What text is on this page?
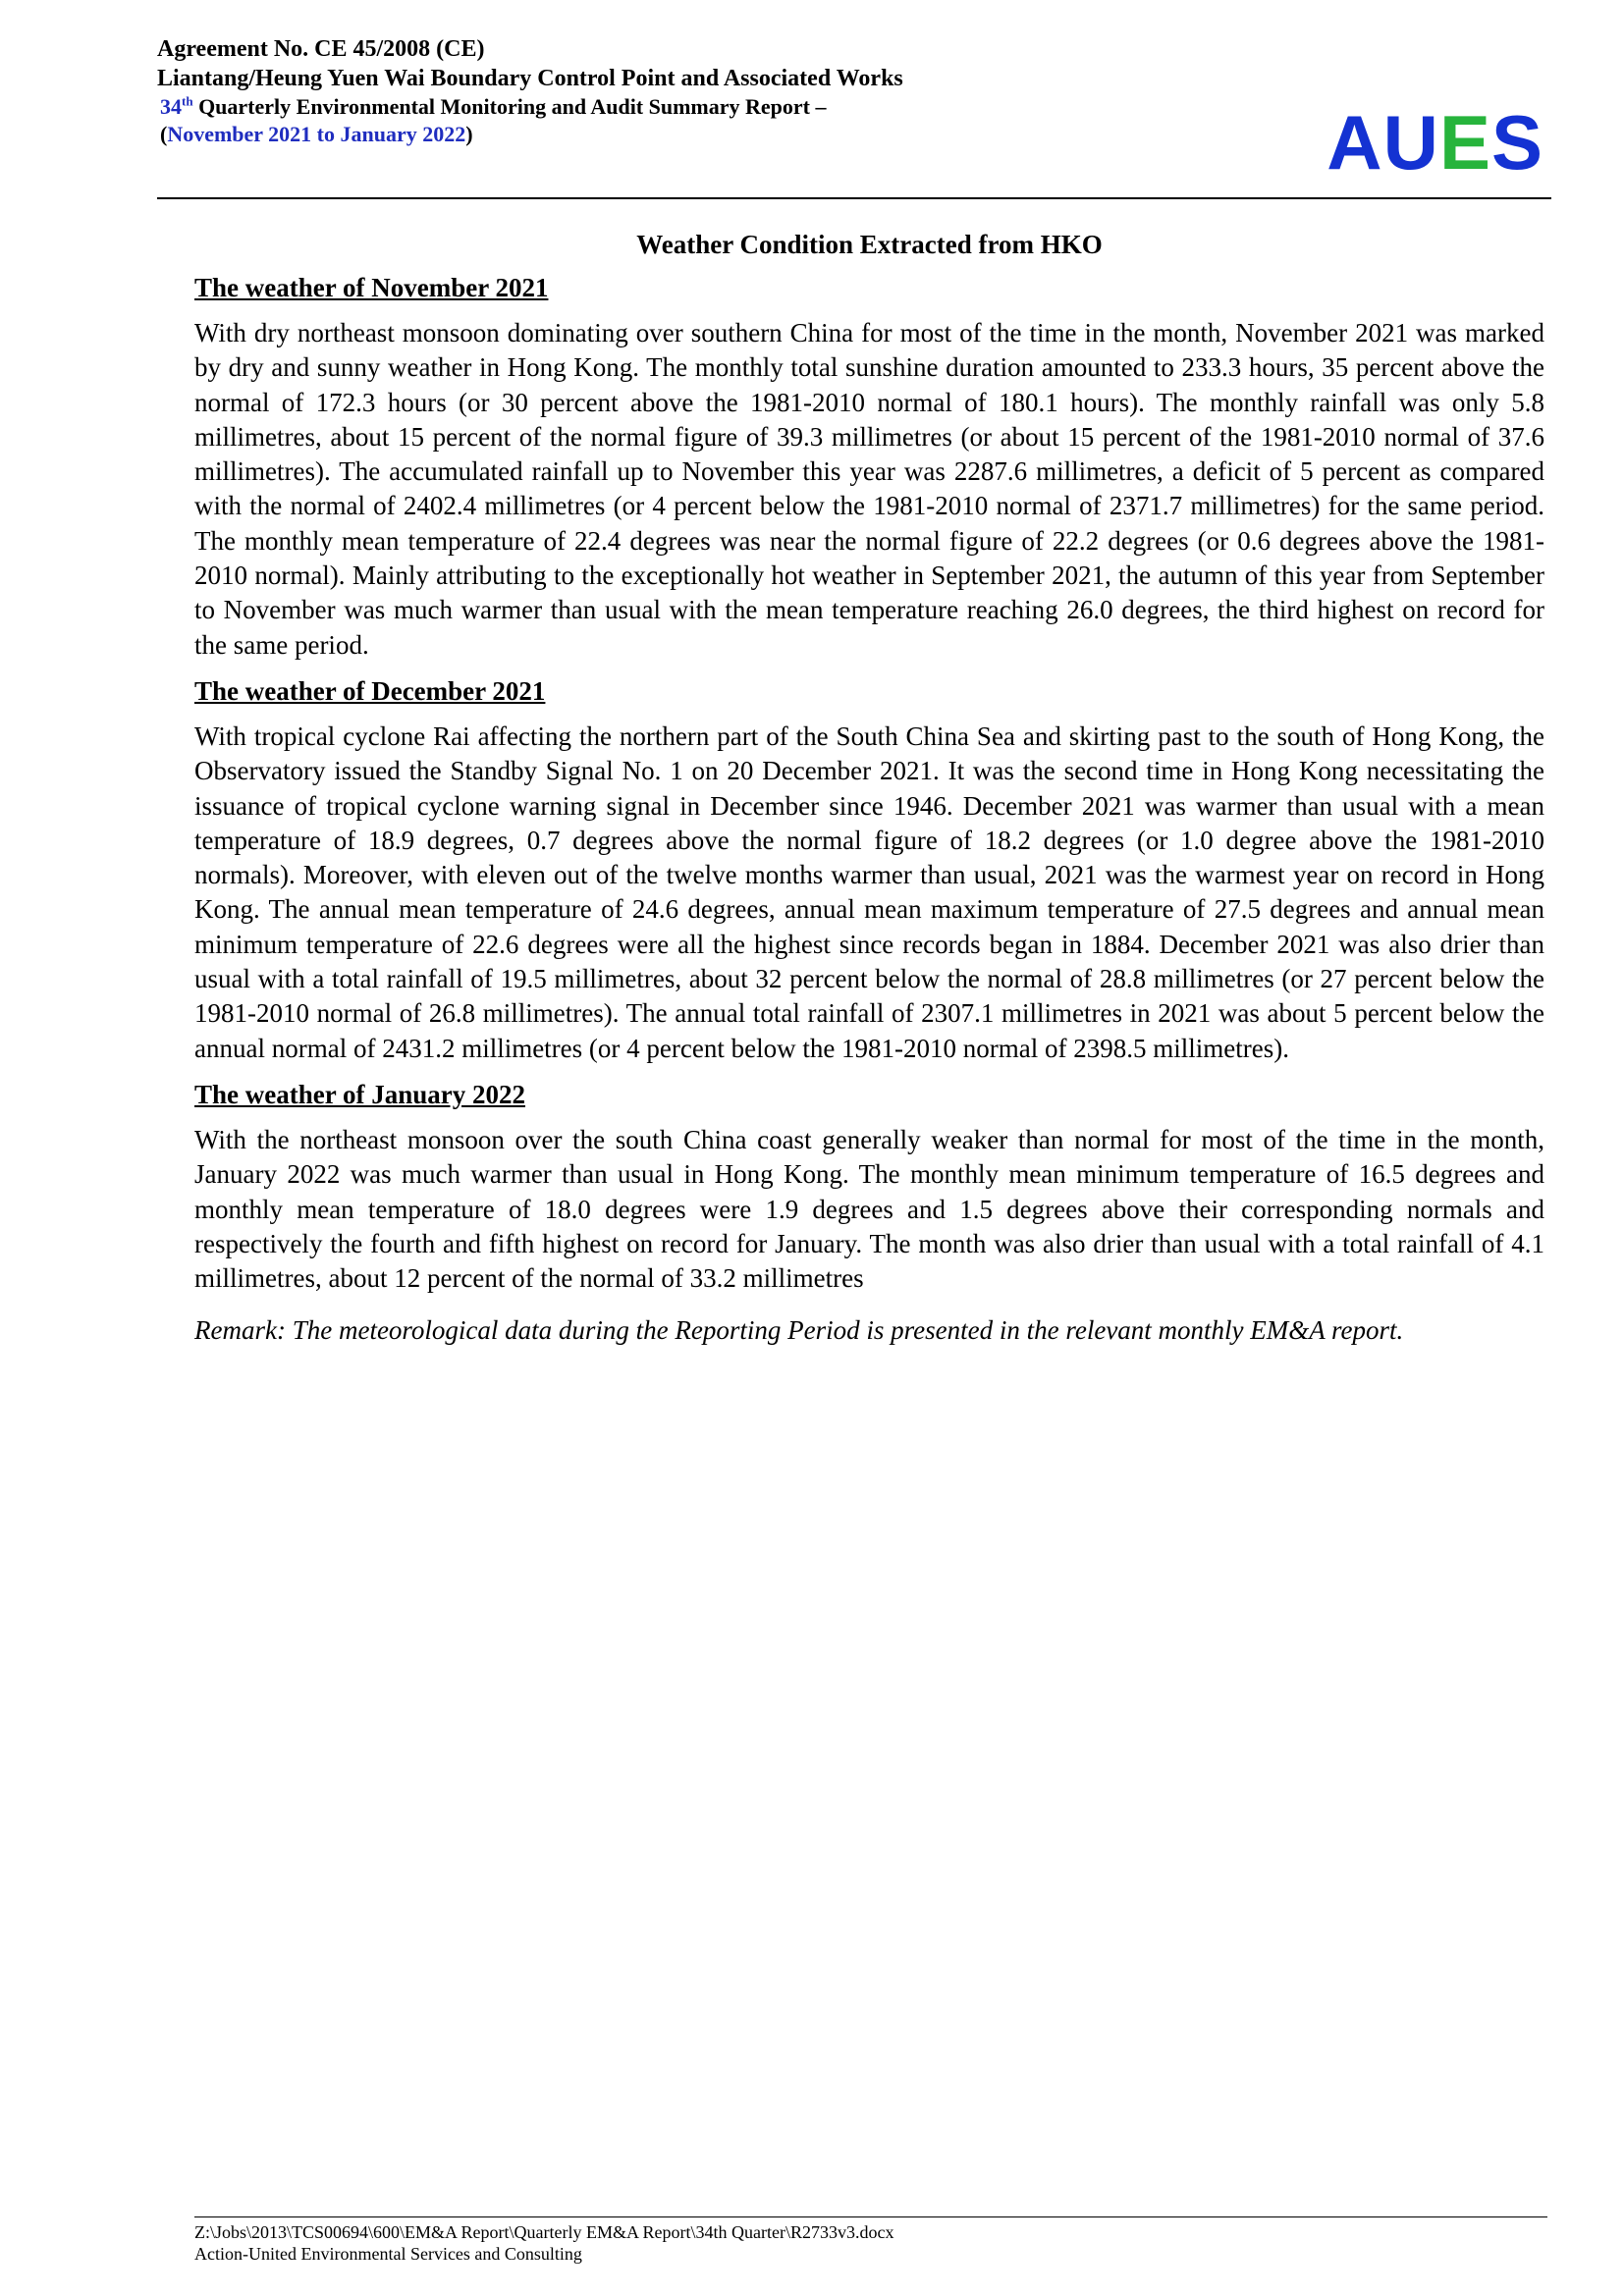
Agreement No. CE 45/2008 (CE)
Liantang/Heung Yuen Wai Boundary Control Point and Associated Works
34th Quarterly Environmental Monitoring and Audit Summary Report –
(November 2021 to January 2022)	AUES
Weather Condition Extracted from HKO
The weather of November 2021

With dry northeast monsoon dominating over southern China for most of the time in the month, November 2021 was marked by dry and sunny weather in Hong Kong. The monthly total sunshine duration amounted to 233.3 hours, 35 percent above the normal of 172.3 hours (or 30 percent above the 1981-2010 normal of 180.1 hours). The monthly rainfall was only 5.8 millimetres, about 15 percent of the normal figure of 39.3 millimetres (or about 15 percent of the 1981-2010 normal of 37.6 millimetres). The accumulated rainfall up to November this year was 2287.6 millimetres, a deficit of 5 percent as compared with the normal of 2402.4 millimetres (or 4 percent below the 1981-2010 normal of 2371.7 millimetres) for the same period. The monthly mean temperature of 22.4 degrees was near the normal figure of 22.2 degrees (or 0.6 degrees above the 1981-2010 normal). Mainly attributing to the exceptionally hot weather in September 2021, the autumn of this year from September to November was much warmer than usual with the mean temperature reaching 26.0 degrees, the third highest on record for the same period.

The weather of December 2021

With tropical cyclone Rai affecting the northern part of the South China Sea and skirting past to the south of Hong Kong, the Observatory issued the Standby Signal No. 1 on 20 December 2021. It was the second time in Hong Kong necessitating the issuance of tropical cyclone warning signal in December since 1946. December 2021 was warmer than usual with a mean temperature of 18.9 degrees, 0.7 degrees above the normal figure of 18.2 degrees (or 1.0 degree above the 1981-2010 normals). Moreover, with eleven out of the twelve months warmer than usual, 2021 was the warmest year on record in Hong Kong. The annual mean temperature of 24.6 degrees, annual mean maximum temperature of 27.5 degrees and annual mean minimum temperature of 22.6 degrees were all the highest since records began in 1884. December 2021 was also drier than usual with a total rainfall of 19.5 millimetres, about 32 percent below the normal of 28.8 millimetres (or 27 percent below the 1981-2010 normal of 26.8 millimetres). The annual total rainfall of 2307.1 millimetres in 2021 was about 5 percent below the annual normal of 2431.2 millimetres (or 4 percent below the 1981-2010 normal of 2398.5 millimetres).

The weather of January 2022

With the northeast monsoon over the south China coast generally weaker than normal for most of the time in the month, January 2022 was much warmer than usual in Hong Kong. The monthly mean minimum temperature of 16.5 degrees and monthly mean temperature of 18.0 degrees were 1.9 degrees and 1.5 degrees above their corresponding normals and respectively the fourth and fifth highest on record for January. The month was also drier than usual with a total rainfall of 4.1 millimetres, about 12 percent of the normal of 33.2 millimetres

Remark: The meteorological data during the Reporting Period is presented in the relevant monthly EM&A report.

Z:\Jobs\2013\TCS00694\600\EM&A Report\Quarterly EM&A Report\34th Quarter\R2733v3.docx
Action-United Environmental Services and Consulting
